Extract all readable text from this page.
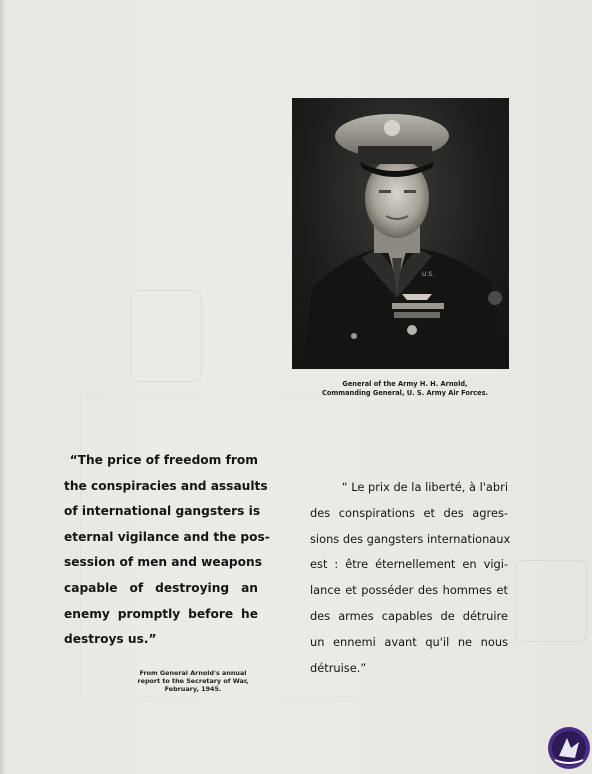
U.S.
General of the Army H. H. Arnold,
Commanding General, U. S. Army Air Forces.
“The price of freedom from
the conspiracies and assaults
of international gangsters is
eternal vigilance and the pos-
session of men and weapons
capable of destroying an
enemy promptly before he
destroys us.”
From General Arnold's annual
report to the Secretary of War,
February, 1945.
“ Le prix de la liberté, à l'abri
des conspirations et des agres-
sions des gangsters internationaux
est : être éternellement en vigi-
lance et posséder des hommes et
des armes capables de détruire
un ennemi avant qu'il ne nous
détruise.”
